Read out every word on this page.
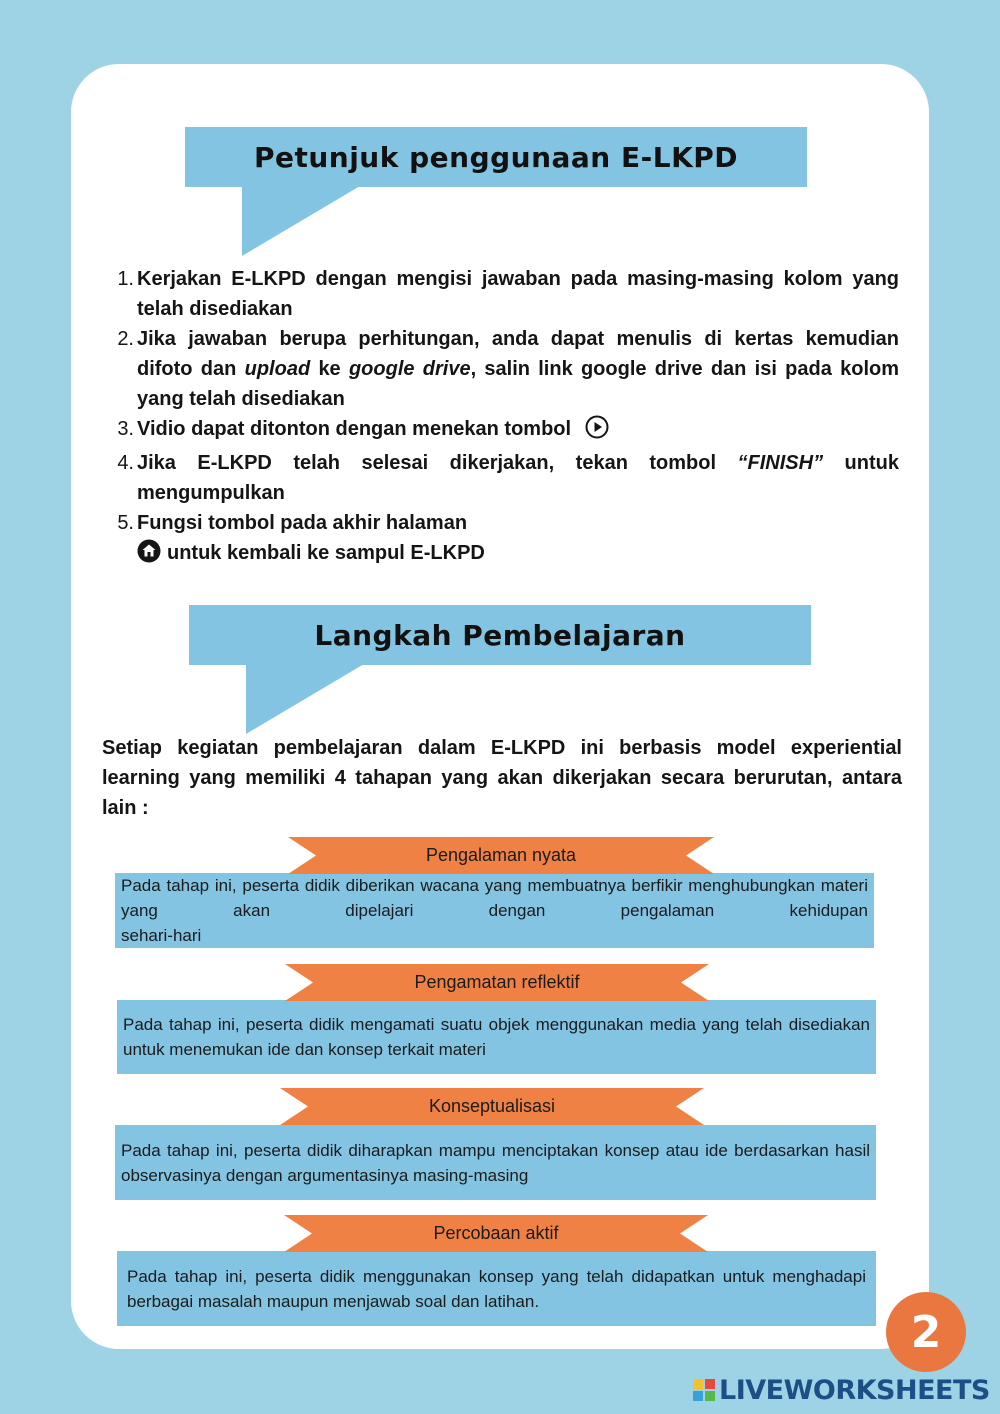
Petunjuk penggunaan E-LKPD
1. Kerjakan E-LKPD dengan mengisi jawaban pada masing-masing kolom yang telah disediakan
2. Jika jawaban berupa perhitungan, anda dapat menulis di kertas kemudian difoto dan upload ke google drive, salin link google drive dan isi pada kolom yang telah disediakan
3. Vidio dapat ditonton dengan menekan tombol
4. Jika E-LKPD telah selesai dikerjakan, tekan tombol “FINISH” untuk mengumpulkan
5. Fungsi tombol pada akhir halaman
untuk kembali ke sampul E-LKPD
Langkah Pembelajaran
Setiap kegiatan pembelajaran dalam E-LKPD ini berbasis model experiential learning yang memiliki 4 tahapan yang akan dikerjakan secara berurutan, antara lain :
Pada tahap ini, peserta didik diberikan wacana yang membuatnya berfikir menghubungkan materi yang akan dipelajari dengan pengalaman kehidupan
sehari-hari
Pengalaman nyata
Pada tahap ini, peserta didik mengamati suatu objek menggunakan media yang telah disediakan untuk menemukan ide dan konsep terkait materi
Pengamatan reflektif
Pada tahap ini, peserta didik diharapkan mampu menciptakan konsep atau ide berdasarkan hasil observasinya dengan argumentasinya masing-masing
Konseptualisasi
Pada tahap ini, peserta didik menggunakan konsep yang telah didapatkan untuk menghadapi berbagai masalah maupun menjawab soal dan latihan.
Percobaan aktif
2
LIVEWORKSHEETS
